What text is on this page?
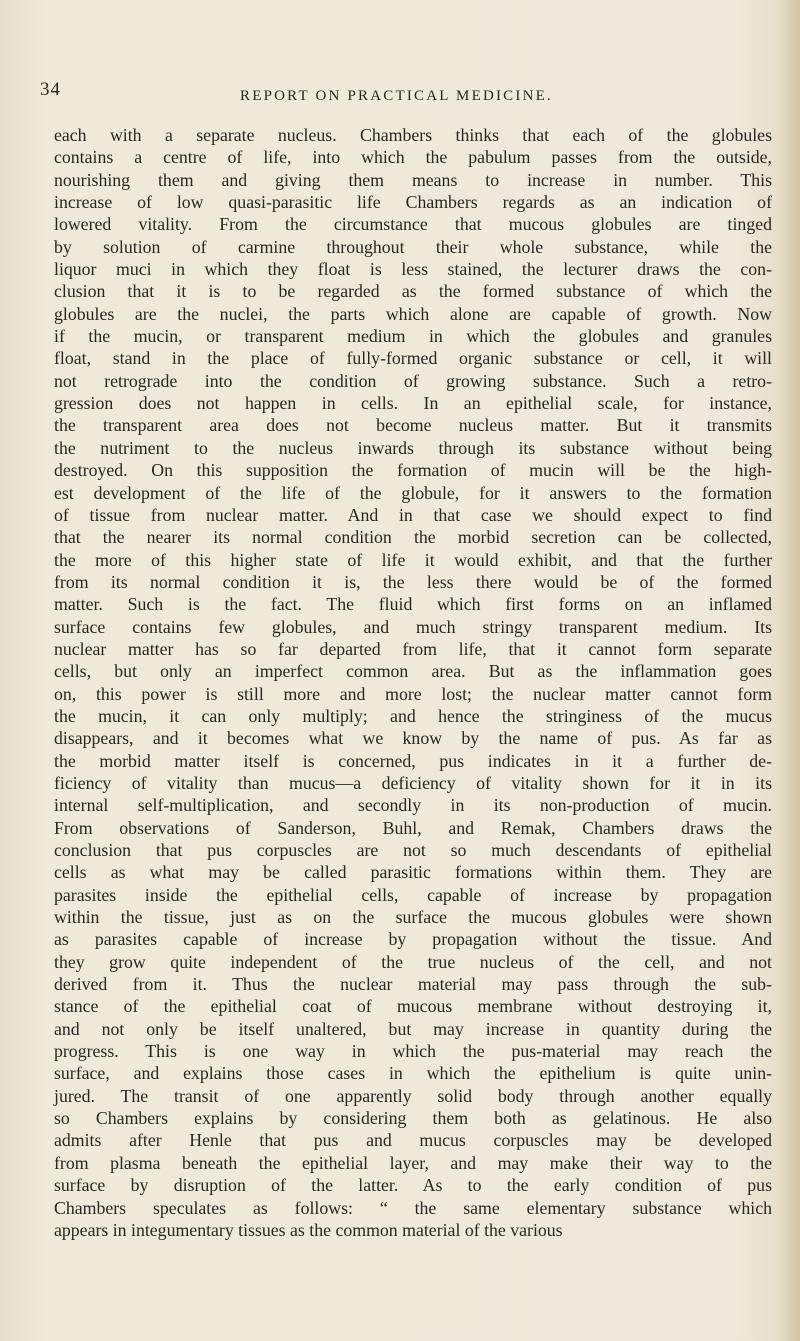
34	REPORT ON PRACTICAL MEDICINE.
each with a separate nucleus. Chambers thinks that each of the globules
contains a centre of life, into which the pabulum passes from the outside,
nourishing them and giving them means to increase in number. This
increase of low quasi-parasitic life Chambers regards as an indication of
lowered vitality. From the circumstance that mucous globules are tinged
by solution of carmine throughout their whole substance, while the
liquor muci in which they float is less stained, the lecturer draws the con-
clusion that it is to be regarded as the formed substance of which the
globules are the nuclei, the parts which alone are capable of growth. Now
if the mucin, or transparent medium in which the globules and granules
float, stand in the place of fully-formed organic substance or cell, it will
not retrograde into the condition of growing substance. Such a retro-
gression does not happen in cells. In an epithelial scale, for instance,
the transparent area does not become nucleus matter. But it transmits
the nutriment to the nucleus inwards through its substance without being
destroyed. On this supposition the formation of mucin will be the high-
est development of the life of the globule, for it answers to the formation
of tissue from nuclear matter. And in that case we should expect to find
that the nearer its normal condition the morbid secretion can be collected,
the more of this higher state of life it would exhibit, and that the further
from its normal condition it is, the less there would be of the formed
matter. Such is the fact. The fluid which first forms on an inflamed
surface contains few globules, and much stringy transparent medium. Its
nuclear matter has so far departed from life, that it cannot form separate
cells, but only an imperfect common area. But as the inflammation goes
on, this power is still more and more lost; the nuclear matter cannot form
the mucin, it can only multiply; and hence the stringiness of the mucus
disappears, and it becomes what we know by the name of pus. As far as
the morbid matter itself is concerned, pus indicates in it a further de-
ficiency of vitality than mucus—a deficiency of vitality shown for it in its
internal self-multiplication, and secondly in its non-production of mucin.
From observations of Sanderson, Buhl, and Remak, Chambers draws the
conclusion that pus corpuscles are not so much descendants of epithelial
cells as what may be called parasitic formations within them. They are
parasites inside the epithelial cells, capable of increase by propagation
within the tissue, just as on the surface the mucous globules were shown
as parasites capable of increase by propagation without the tissue. And
they grow quite independent of the true nucleus of the cell, and not
derived from it. Thus the nuclear material may pass through the sub-
stance of the epithelial coat of mucous membrane without destroying it,
and not only be itself unaltered, but may increase in quantity during the
progress. This is one way in which the pus-material may reach the
surface, and explains those cases in which the epithelium is quite unin-
jured. The transit of one apparently solid body through another equally
so Chambers explains by considering them both as gelatinous. He also
admits after Henle that pus and mucus corpuscles may be developed
from plasma beneath the epithelial layer, and may make their way to the
surface by disruption of the latter. As to the early condition of pus
Chambers speculates as follows: “ the same elementary substance which
appears in integumentary tissues as the common material of the various
